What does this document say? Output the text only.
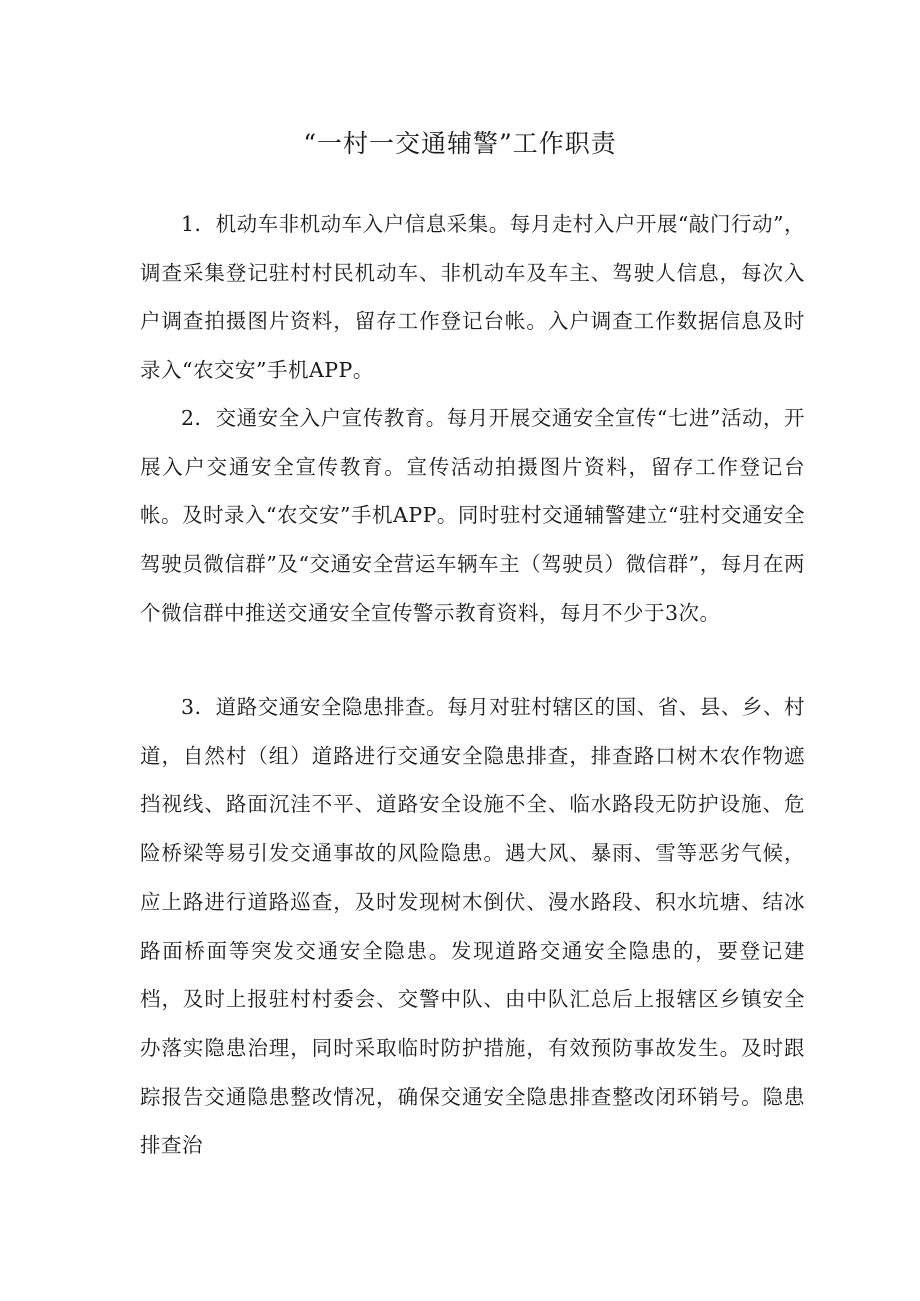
“一村一交通辅警”工作职责

1．机动车非机动车入户信息采集。每月走村入户开展“敲门行动”，调查采集登记驻村村民机动车、非机动车及车主、驾驶人信息，每次入户调查拍摄图片资料，留存工作登记台帐。入户调查工作数据信息及时录入“农交安”手机APP。

2．交通安全入户宣传教育。每月开展交通安全宣传“七进”活动，开展入户交通安全宣传教育。宣传活动拍摄图片资料，留存工作登记台帐。及时录入“农交安”手机APP。同时驻村交通辅警建立“驻村交通安全驾驶员微信群”及“交通安全营运车辆车主（驾驶员）微信群”，每月在两个微信群中推送交通安全宣传警示教育资料，每月不少于3次。

3．道路交通安全隐患排查。每月对驻村辖区的国、省、县、乡、村道，自然村（组）道路进行交通安全隐患排查，排查路口树木农作物遮挡视线、路面沉洼不平、道路安全设施不全、临水路段无防护设施、危险桥梁等易引发交通事故的风险隐患。遇大风、暴雨、雪等恶劣气候，应上路进行道路巡查，及时发现树木倒伏、漫水路段、积水坑塘、结冰路面桥面等突发交通安全隐患。发现道路交通安全隐患的，要登记建档，及时上报驻村村委会、交警中队、由中队汇总后上报辖区乡镇安全办落实隐患治理，同时采取临时防护措施，有效预防事故发生。及时跟踪报告交通隐患整改情况，确保交通安全隐患排查整改闭环销号。隐患排查治
